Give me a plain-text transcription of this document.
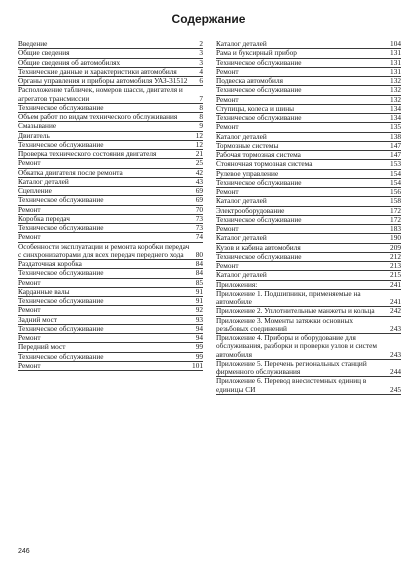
Содержание
Введение	2
Общие сведения	3
Общие сведения об автомобилях	3
Технические данные и характеристики автомобиля	4
Органы управления и приборы автомобиля УАЗ-31512	6
Расположение табличек, номеров шасси, двигателя и агрегатов трансмиссии	7
Техническое обслуживание	8
Объем работ по видам технического обслуживания	8
Смазывание	9
Двигатель	12
Техническое обслуживание	12
Проверка технического состояния двигателя	21
Ремонт	25
Обкатка двигателя после ремонта	42
Каталог деталей	43
Сцепление	69
Техническое обслуживание	69
Ремонт	70
Коробка передач	73
Техническое обслуживание	73
Ремонт	74
Особенности эксплуатации и ремонта коробки передач с синхронизаторами для всех передач переднего хода	80
Раздаточная коробка	84
Техническое обслуживание	84
Ремонт	85
Карданные валы	91
Техническое обслуживание	91
Ремонт	92
Задний мост	93
Техническое обслуживание	94
Ремонт	94
Передний мост	99
Техническое обслуживание	99
Ремонт	101
Каталог деталей	104
Рама и буксирный прибор	131
Техническое обслуживание	131
Ремонт	131
Подвеска автомобиля	132
Техническое обслуживание	132
Ремонт	132
Ступицы, колеса и шины	134
Техническое обслуживание	134
Ремонт	135
Каталог деталей	138
Тормозные системы	147
Рабочая тормозная система	147
Стояночная тормозная система	153
Рулевое управление	154
Техническое обслуживание	154
Ремонт	156
Каталог деталей	158
Электрооборудование	172
Техническое обслуживание	172
Ремонт	183
Каталог деталей	190
Кузов и кабина автомобиля	209
Техническое обслуживание	212
Ремонт	213
Каталог деталей	215
Приложения:	241
Приложение 1. Подшипники, применяемые на автомобиле	241
Приложение 2. Уплотнительные манжеты и кольца	242
Приложение 3. Моменты затяжки основных резьбовых соединений	243
Приложение 4. Приборы и оборудование для обслуживания, разборки и проверки узлов и систем автомобиля	243
Приложение 5. Перечень региональных станций фирменного обслуживания	244
Приложение 6. Перевод внесистемных единиц в единицы СИ	245
246
